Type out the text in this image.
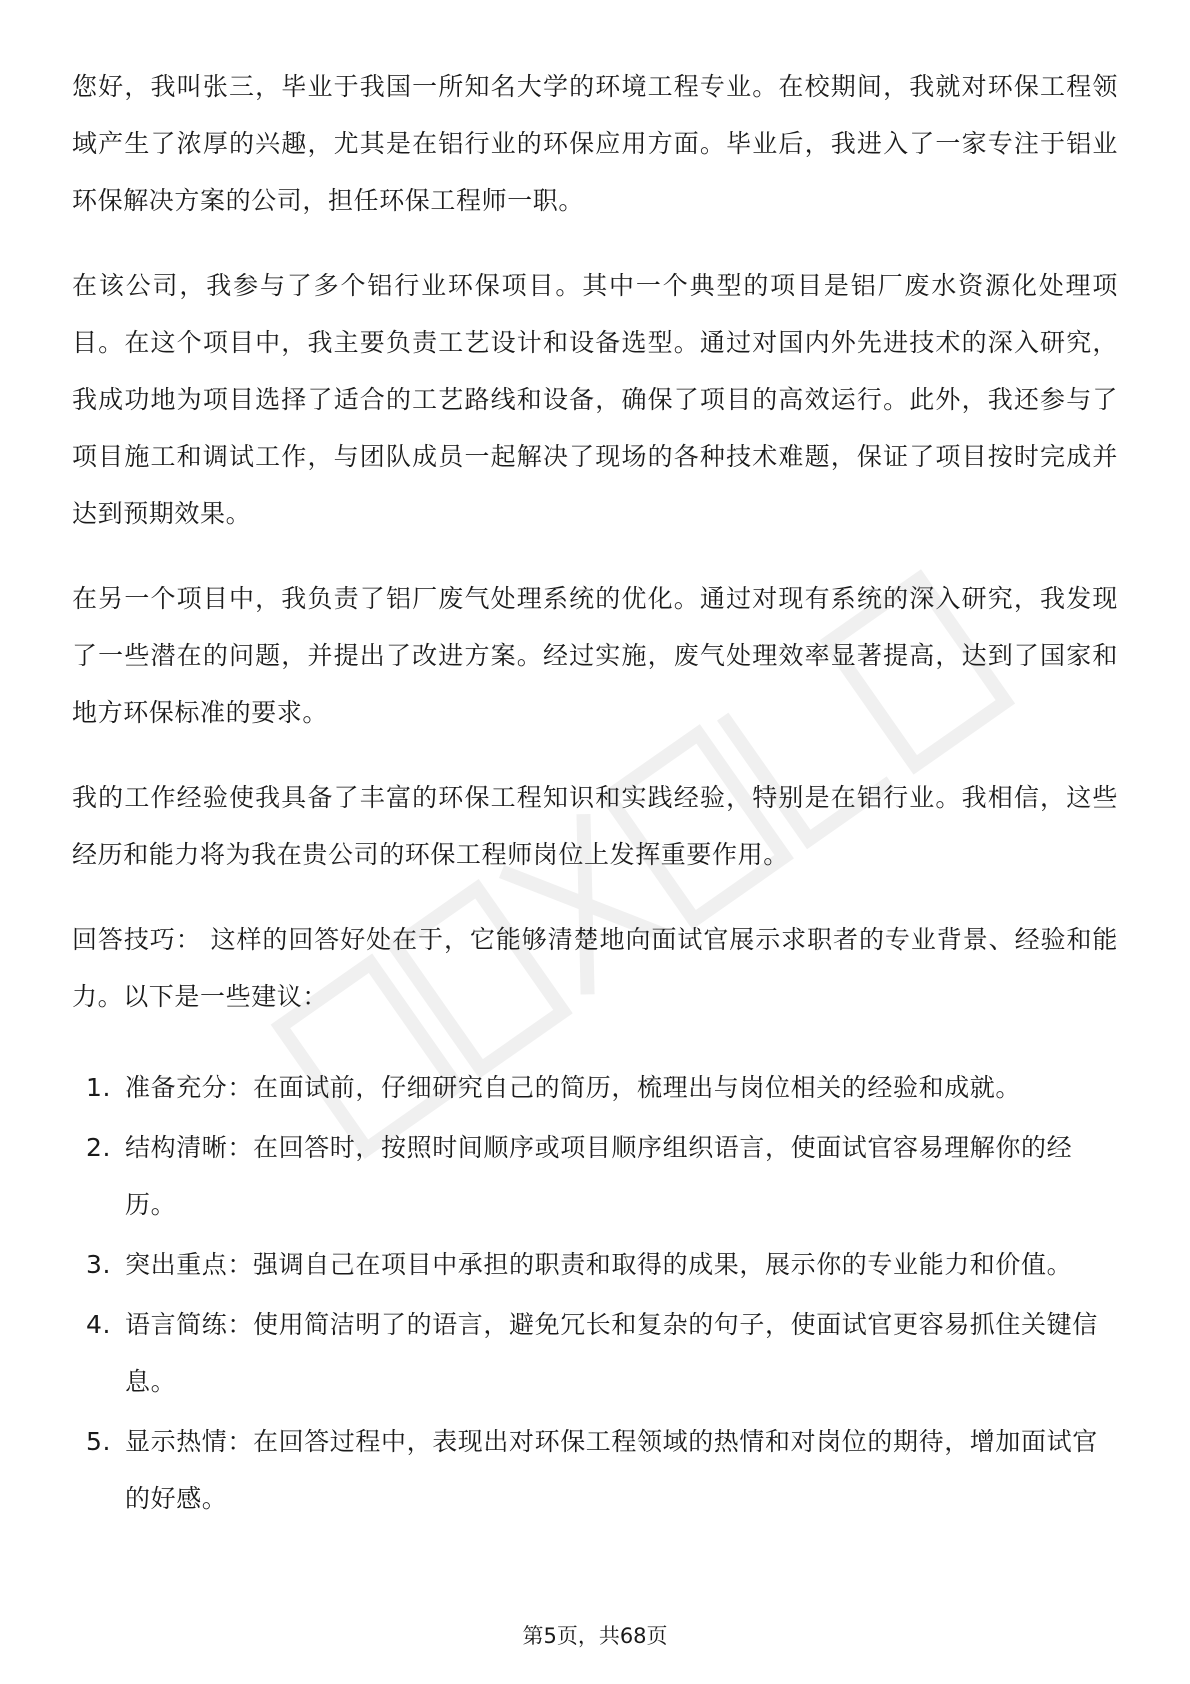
您好，我叫张三，毕业于我国一所知名大学的环境工程专业。在校期间，我就对环保工程领域产生了浓厚的兴趣，尤其是在铝行业的环保应用方面。毕业后，我进入了一家专注于铝业环保解决方案的公司，担任环保工程师一职。

在该公司，我参与了多个铝行业环保项目。其中一个典型的项目是铝厂废水资源化处理项目。在这个项目中，我主要负责工艺设计和设备选型。通过对国内外先进技术的深入研究，我成功地为项目选择了适合的工艺路线和设备，确保了项目的高效运行。此外，我还参与了项目施工和调试工作，与团队成员一起解决了现场的各种技术难题，保证了项目按时完成并达到预期效果。

在另一个项目中，我负责了铝厂废气处理系统的优化。通过对现有系统的深入研究，我发现了一些潜在的问题，并提出了改进方案。经过实施，废气处理效率显著提高，达到了国家和地方环保标准的要求。

我的工作经验使我具备了丰富的环保工程知识和实践经验，特别是在铝行业。我相信，这些经历和能力将为我在贵公司的环保工程师岗位上发挥重要作用。

回答技巧： 这样的回答好处在于，它能够清楚地向面试官展示求职者的专业背景、经验和能力。以下是一些建议：

1. 准备充分：在面试前，仔细研究自己的简历，梳理出与岗位相关的经验和成就。
2. 结构清晰：在回答时，按照时间顺序或项目顺序组织语言，使面试官容易理解你的经历。
3. 突出重点：强调自己在项目中承担的职责和取得的成果，展示你的专业能力和价值。
4. 语言简练：使用简洁明了的语言，避免冗长和复杂的句子，使面试官更容易抓住关键信息。
5. 显示热情：在回答过程中，表现出对环保工程领域的热情和对岗位的期待，增加面试官的好感。
第5页，共68页
